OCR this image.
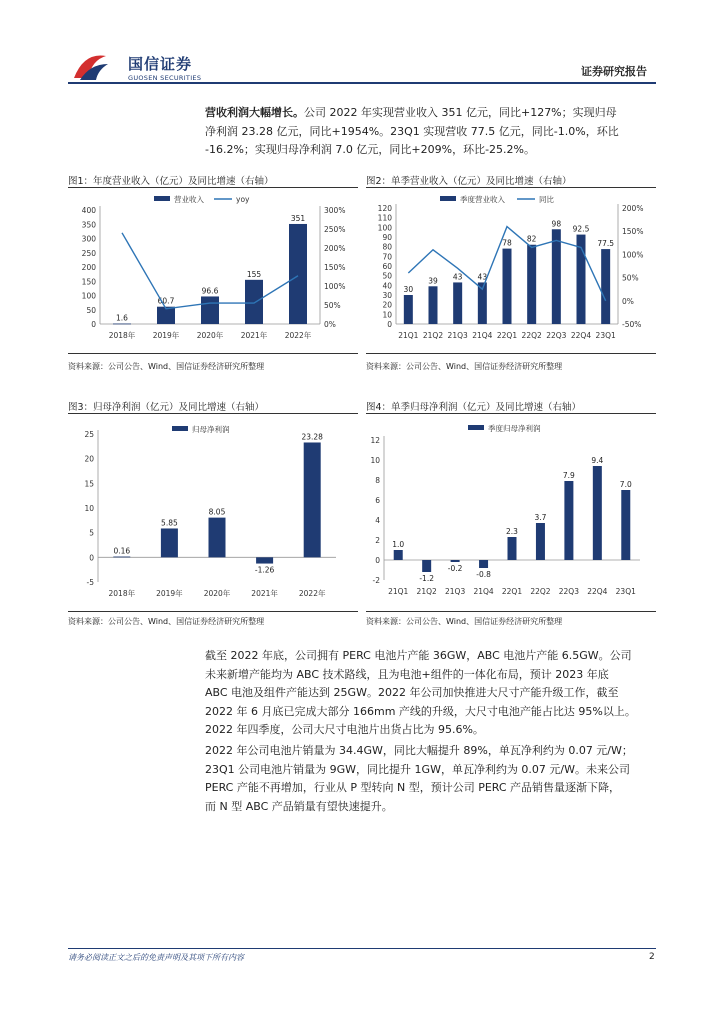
国信证券
GUOSEN SECURITIES	证券研究报告
营收利润大幅增长。公司 2022 年实现营业收入 351 亿元，同比+127%；实现归母
净利润 23.28 亿元，同比+1954%。23Q1 实现营收 77.5 亿元，同比-1.0%，环比
-16.2%；实现归母净利润 7.0 亿元，同比+209%，环比-25.2%。
图1：年度营业收入（亿元）及同比增速（右轴）	图2：单季营业收入（亿元）及同比增速（右轴）
0
50
100
150
200
250
300
350
400
0%
50%
100%
150%
200%
250%
300%
2018年 2019年 2020年 2021年 2022年
1.6
60.7
96.6
155
351
营业收入	yoy
0
10
20
30
40
50
60
70
80
90
100
110
120
-50%
0%
50%
100%
150%
200%
21Q1 21Q2 21Q3 21Q4 22Q1 22Q2 22Q3 22Q4 23Q1
30
39 43 43
78 82
98
92.5
77.5
季度营业收入	同比
资料来源：公司公告、Wind、国信证券经济研究所整理	资料来源：公司公告、Wind、国信证券经济研究所整理
图3：归母净利润（亿元）及同比增速（右轴）	图4：单季归母净利润（亿元）及同比增速（右轴）
-5
0
5
10
15
20
25
2018年	2019年	2020年	2021年	2022年
0.16
5.85
8.05
-1.26
23.28
归母净利润
-2
0
2
4
6
8
10
12
21Q1 21Q2 21Q3 21Q4 22Q1 22Q2 22Q3 22Q4 23Q1
1.0
-1.2
-0.2
-0.8
2.3
3.7
7.9
9.4
7.0
季度归母净利润
资料来源：公司公告、Wind、国信证券经济研究所整理	资料来源：公司公告、Wind、国信证券经济研究所整理
截至 2022 年底，公司拥有 PERC 电池片产能 36GW，ABC 电池片产能 6.5GW。公司
未来新增产能均为 ABC 技术路线，且为电池+组件的一体化布局，预计 2023 年底
ABC 电池及组件产能达到 25GW。2022 年公司加快推进大尺寸产能升级工作，截至
2022 年 6 月底已完成大部分 166mm 产线的升级，大尺寸电池产能占比达 95%以上。
2022 年四季度，公司大尺寸电池片出货占比为 95.6%。
2022 年公司电池片销量为 34.4GW，同比大幅提升 89%，单瓦净利约为 0.07 元/W；
23Q1 公司电池片销量为 9GW，同比提升 1GW，单瓦净利约为 0.07 元/W。未来公司
PERC 产能不再增加，行业从 P 型转向 N 型，预计公司 PERC 产品销售量逐渐下降，
而 N 型 ABC 产品销量有望快速提升。
请务必阅读正文之后的免责声明及其项下所有内容	2
